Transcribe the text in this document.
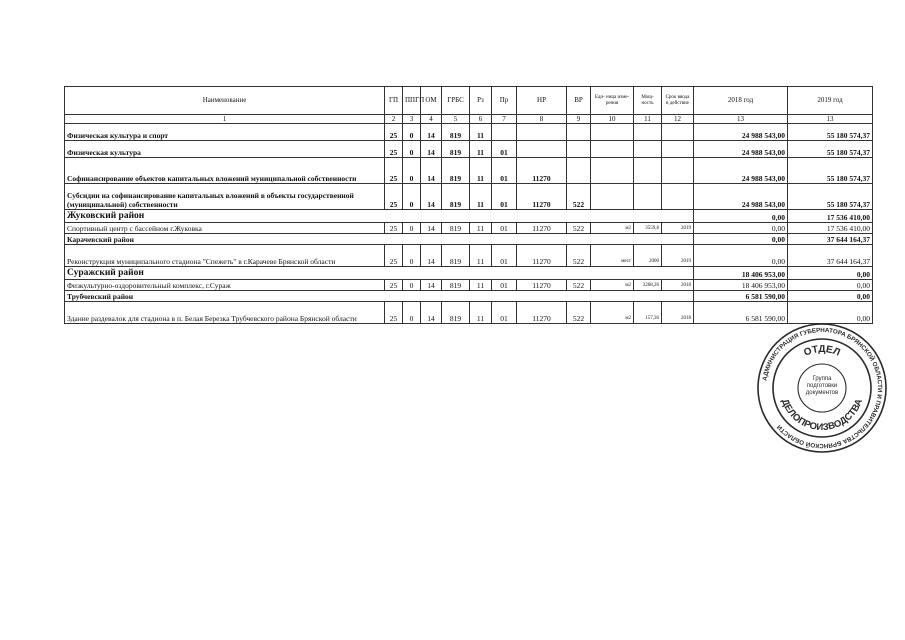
Наименование	ГП	ППГП	ОМ	ГРБС	Рз	Пр	НР	ВР	Еди- ница изме- рения	Мощ- ность	Срок ввода в действие	2018 год	2019 год
1	2	3	4	5	6	7	8	9	10	11	12	13	13
Физическая культура и спорт	25	0	14	819	11							24 988 543,00	55 180 574,37
Физическая культура	25	0	14	819	11	01						24 988 543,00	55 180 574,37
Софинансирование объектов капитальных вложений муниципальной собственности	25	0	14	819	11	01	11270					24 988 543,00	55 180 574,37
Субсидии на софинансирование капитальных вложений в объекты государственной (муниципальной) собственности	25	0	14	819	11	01	11270	522				24 988 543,00	55 180 574,37
Жуковский район												0,00	17 536 410,00
Спортивный центр с бассейном г.Жуковка	25	0	14	819	11	01	11270	522	м2	3559,8	2019	0,00	17 536 410,00
Карачевский район												0,00	37 644 164,37
Реконструкция муниципального стадиона "Спежеть" в г.Карачеве Брянской области	25	0	14	819	11	01	11270	522	мест	2000	2019	0,00	37 644 164,37
Суражский район												18 406 953,00	0,00
Физкультурно-оздоровительный комплекс, г.Сураж	25	0	14	819	11	01	11270	522	м2	3268,26	2018	18 406 953,00	0,00
Трубчевский район												6 581 590,00	0,00
Здание раздевалок для стадиона в п. Белая Березка Трубчевского района Брянской области	25	0	14	819	11	01	11270	522	м2	157,36	2018	6 581 590,00	0,00
АДМИНИСТРАЦИЯ ГУБЕРНАТОРА БРЯНСКОЙ ОБЛАСТИ И ПРАВИТЕЛЬСТВА БРЯНСКОЙ ОБЛАСТИ
ОТДЕЛ
ДЕЛОПРОИЗВОДСТВА
Группа подготовки документов
